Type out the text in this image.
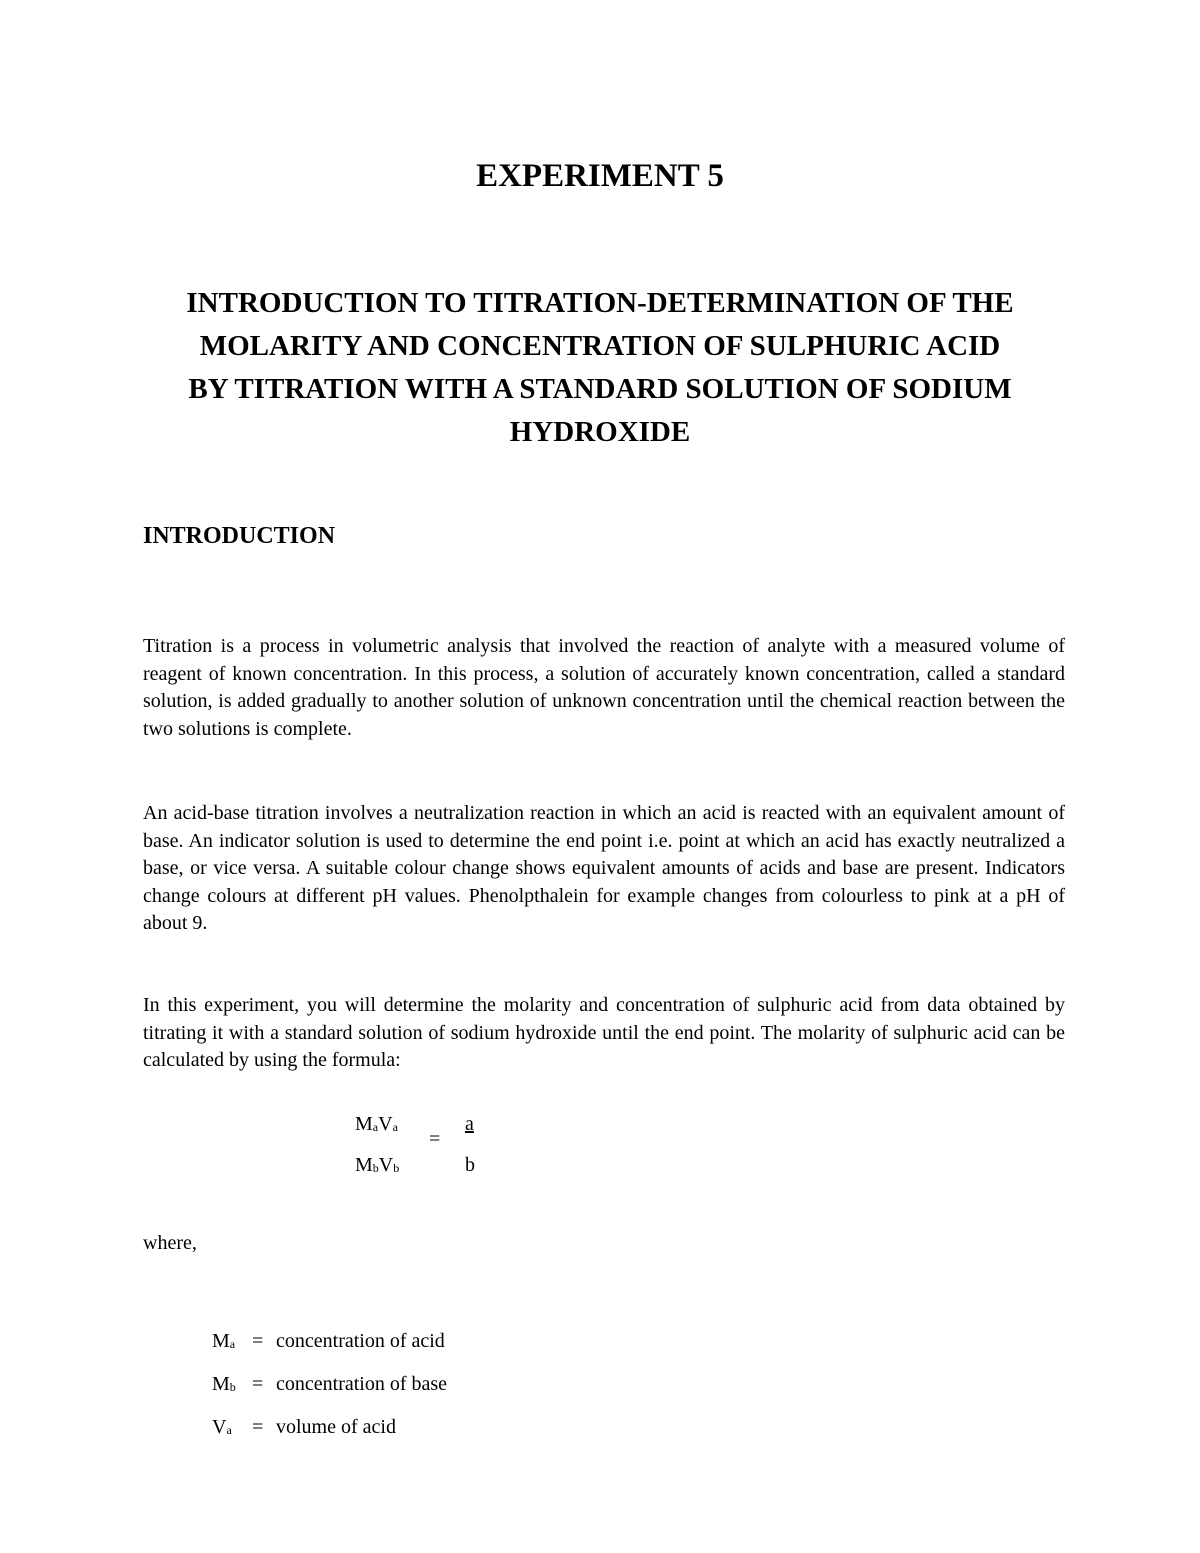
EXPERIMENT 5
INTRODUCTION TO TITRATION-DETERMINATION OF THE
MOLARITY AND CONCENTRATION OF SULPHURIC ACID
BY TITRATION WITH A STANDARD SOLUTION OF SODIUM
HYDROXIDE
INTRODUCTION

Titration is a process in volumetric analysis that involved the reaction of analyte with a measured volume of reagent of known concentration. In this process, a solution of accurately known concentration, called a standard solution, is added gradually to another solution of unknown concentration until the chemical reaction between the two solutions is complete.

An acid-base titration involves a neutralization reaction in which an acid is reacted with an equivalent amount of base. An indicator solution is used to determine the end point i.e. point at which an acid has exactly neutralized a base, or vice versa. A suitable colour change shows equivalent amounts of acids and base are present. Indicators change colours at different pH values. Phenolpthalein for example changes from colourless to pink at a pH of about 9.

In this experiment, you will determine the molarity and concentration of sulphuric acid from data obtained by titrating it with a standard solution of sodium hydroxide until the end point. The molarity of sulphuric acid can be calculated by using the formula:

MaVa
MbVb
=
a
b
where,
Ma = concentration of acid
Mb = concentration of base
Va = volume of acid
